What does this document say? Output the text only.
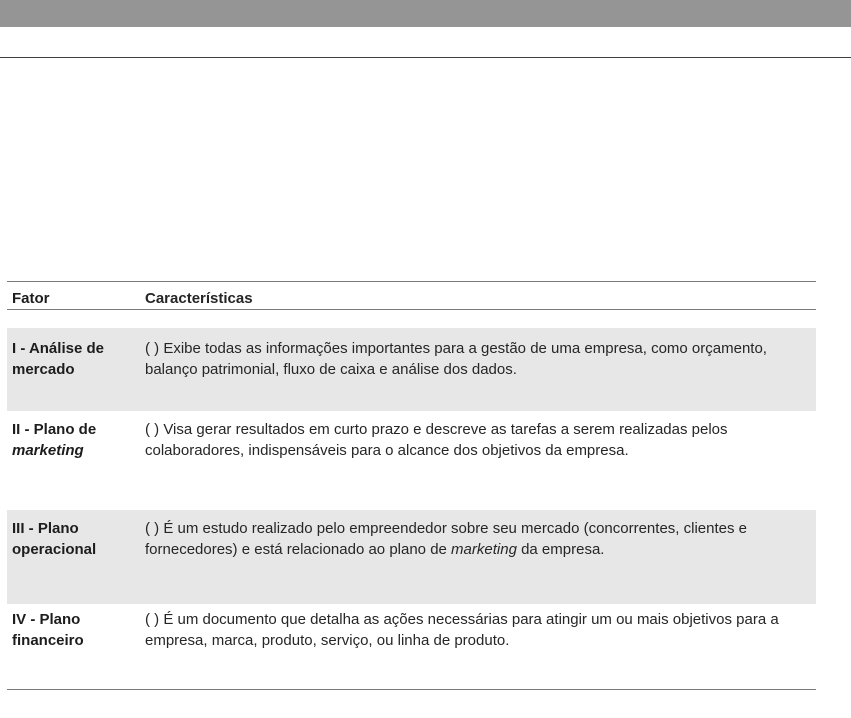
Fator	Características
I - Análise de
mercado
( ) Exibe todas as informações importantes para a gestão de uma empresa, como orçamento, balanço patrimonial, fluxo de caixa e análise dos dados.
II - Plano de
marketing
( ) Visa gerar resultados em curto prazo e descreve as tarefas a serem realizadas pelos colaboradores, indispensáveis para o alcance dos objetivos da empresa.
III - Plano
operacional
( ) É um estudo realizado pelo empreendedor sobre seu mercado (concorrentes, clientes e fornecedores) e está relacionado ao plano de marketing da empresa.
IV - Plano
financeiro
( ) É um documento que detalha as ações necessárias para atingir um ou mais objetivos para a empresa, marca, produto, serviço, ou linha de produto.
